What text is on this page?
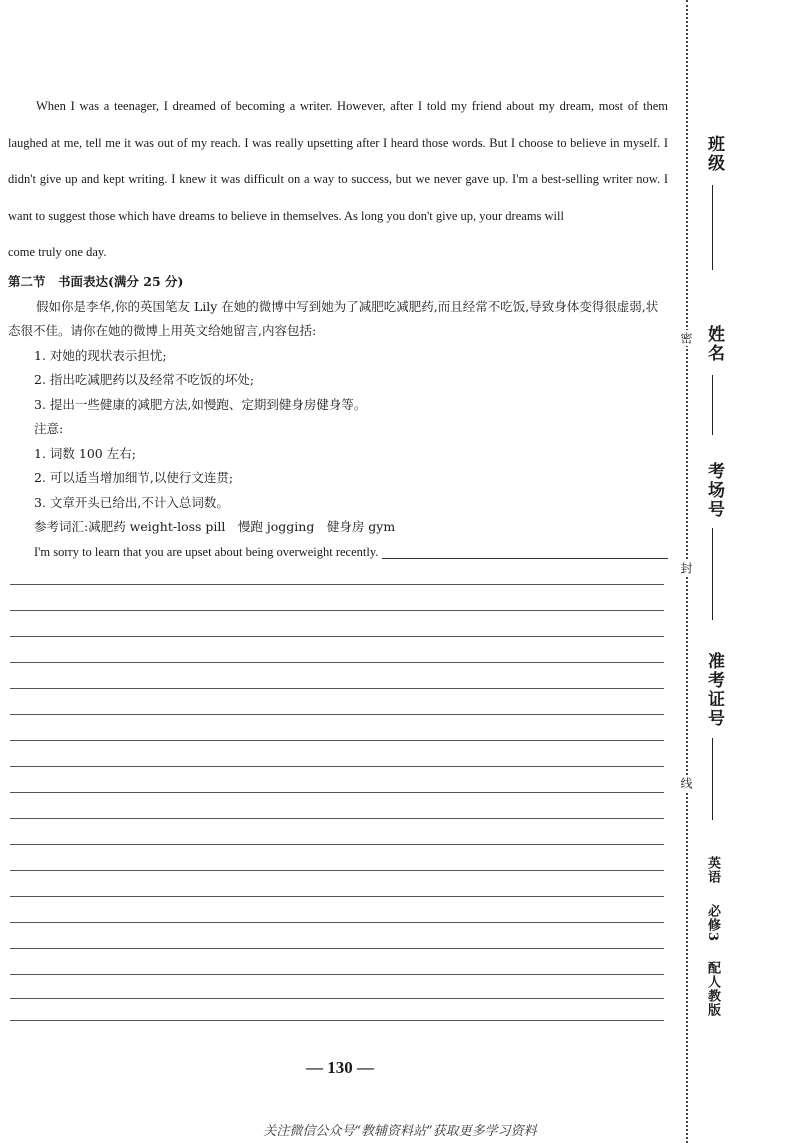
When I was a teenager, I dreamed of becoming a writer. However, after I told my friend about my dream, most of them laughed at me, tell me it was out of my reach. I was really upsetting after I heard those words. But I choose to believe in myself. I didn't give up and kept writing. I knew it was difficult on a way to success, but we never gave up. I'm a best-selling writer now. I want to suggest those which have dreams to believe in themselves. As long you don't give up, your dreams will

come truly one day.

第二节　书面表达(满分 25 分)
假如你是李华,你的英国笔友 Lily 在她的微博中写到她为了减肥吃减肥药,而且经常不吃饭,导致身体变得很虚弱,状态很不佳。请你在她的微博上用英文给她留言,内容包括:
1. 对她的现状表示担忧;
2. 指出吃减肥药以及经常不吃饭的坏处;
3. 提出一些健康的减肥方法,如慢跑、定期到健身房健身等。
注意:
1. 词数 100 左右;
2. 可以适当增加细节,以使行文连贯;
3. 文章开头已给出,不计入总词数。
参考词汇:减肥药 weight-loss pill　慢跑 jogging　健身房 gym
I'm sorry to learn that you are upset about being overweight recently.
— 130 —
关注微信公众号“教辅资料站”获取更多学习资料
班级
姓名
考场号
准考证号
密
封
线
英语 必修3 配人教版
